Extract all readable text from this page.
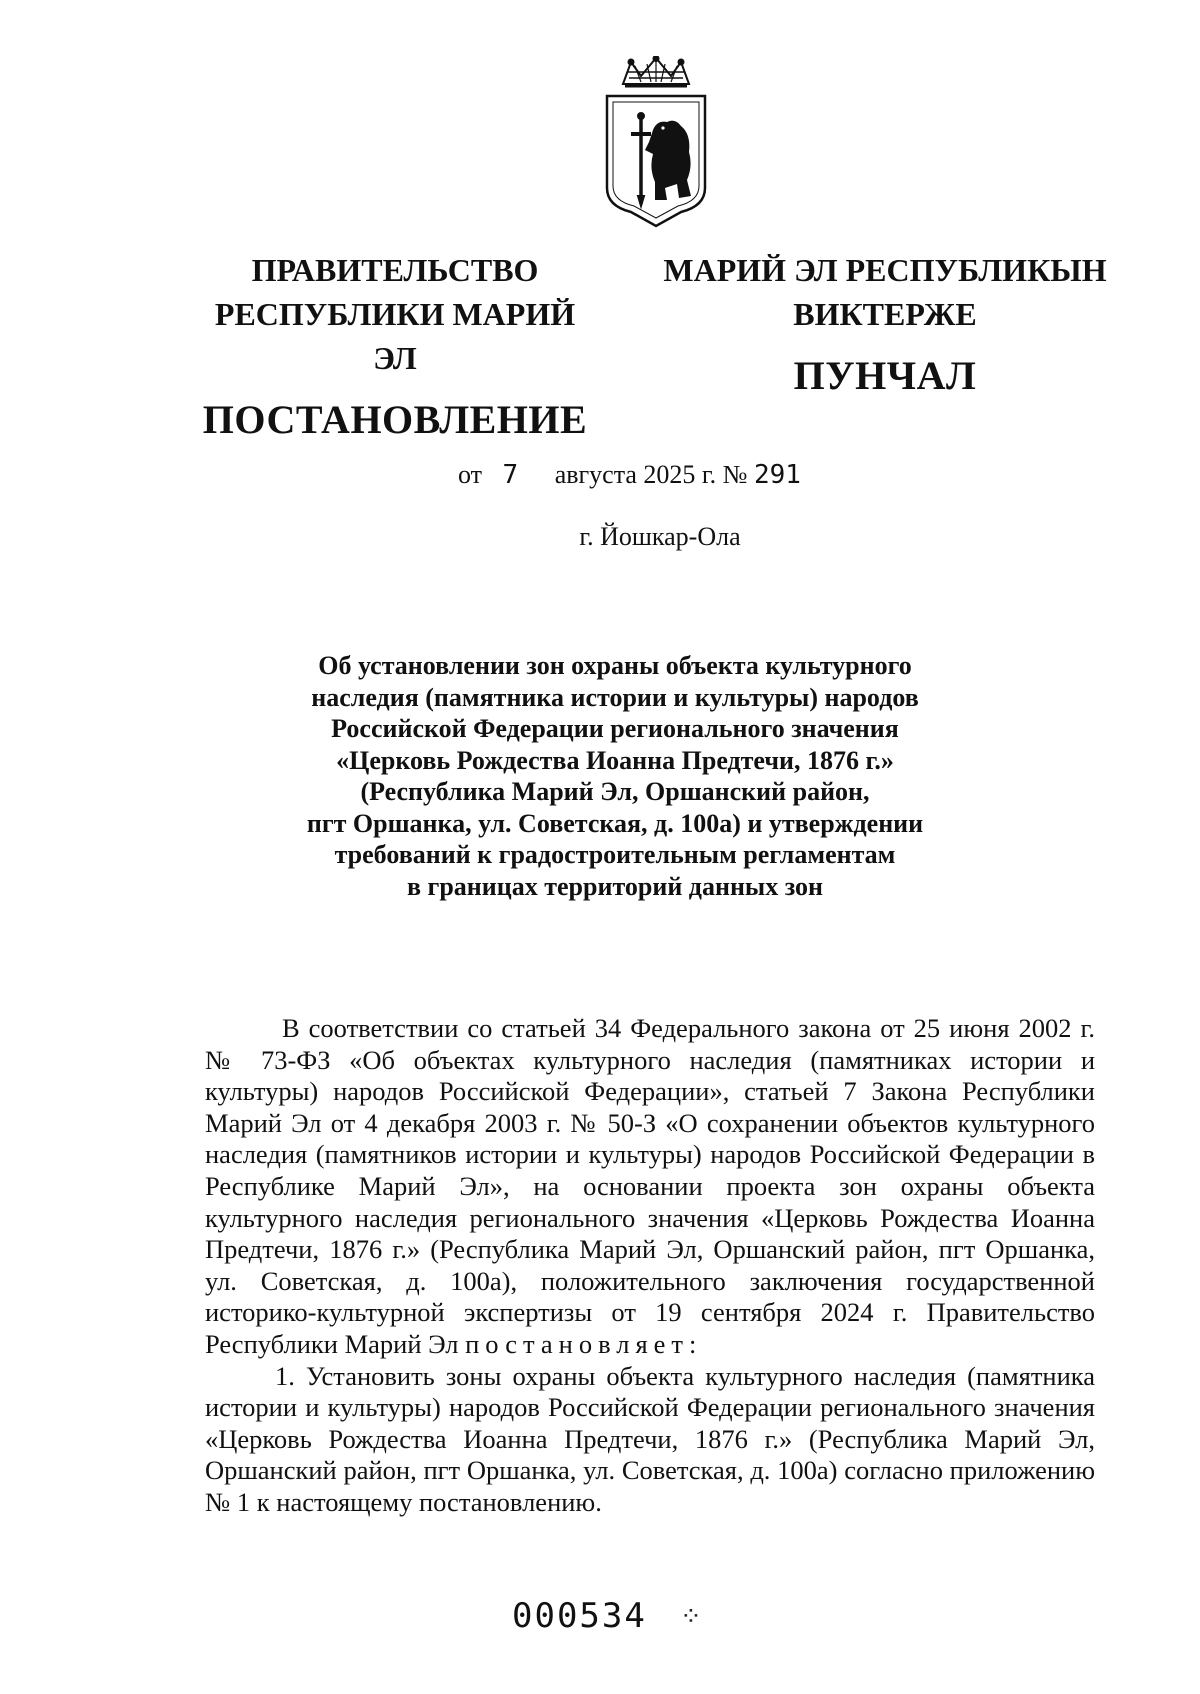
ПРАВИТЕЛЬСТВО
РЕСПУБЛИКИ МАРИЙ ЭЛ
ПОСТАНОВЛЕНИЕ
МАРИЙ ЭЛ РЕСПУБЛИКЫН
ВИКТЕРЖЕ
ПУНЧАЛ
от 7 августа 2025 г. № 291
г. Йошкар-Ола
Об установлении зон охраны объекта культурного
наследия (памятника истории и культуры) народов
Российской Федерации регионального значения
«Церковь Рождества Иоанна Предтечи, 1876 г.»
(Республика Марий Эл, Оршанский район,
пгт Оршанка, ул. Советская, д. 100а) и утверждении
требований к градостроительным регламентам
в границах территорий данных зон

В соответствии со статьей 34 Федерального закона от 25 июня 2002 г. № 73-ФЗ «Об объектах культурного наследия (памятниках истории и культуры) народов Российской Федерации», статьей 7 Закона Республики Марий Эл от 4 декабря 2003 г. № 50-З «О сохранении объектов культурного наследия (памятников истории и культуры) народов Российской Федерации в Республике Марий Эл», на основании проекта зон охраны объекта культурного наследия регионального значения «Церковь Рождества Иоанна Предтечи, 1876 г.» (Республика Марий Эл, Оршанский район, пгт Оршанка, ул. Советская, д. 100а), положительного заключения государственной историко-культурной экспертизы от 19 сентября 2024 г. Правительство Республики Марий Эл постановляет:

1. Установить зоны охраны объекта культурного наследия (памятника истории и культуры) народов Российской Федерации регионального значения «Церковь Рождества Иоанна Предтечи, 1876 г.» (Республика Марий Эл, Оршанский район, пгт Оршанка, ул. Советская, д. 100а) согласно приложению № 1 к настоящему постановлению.

000534 ⁘
